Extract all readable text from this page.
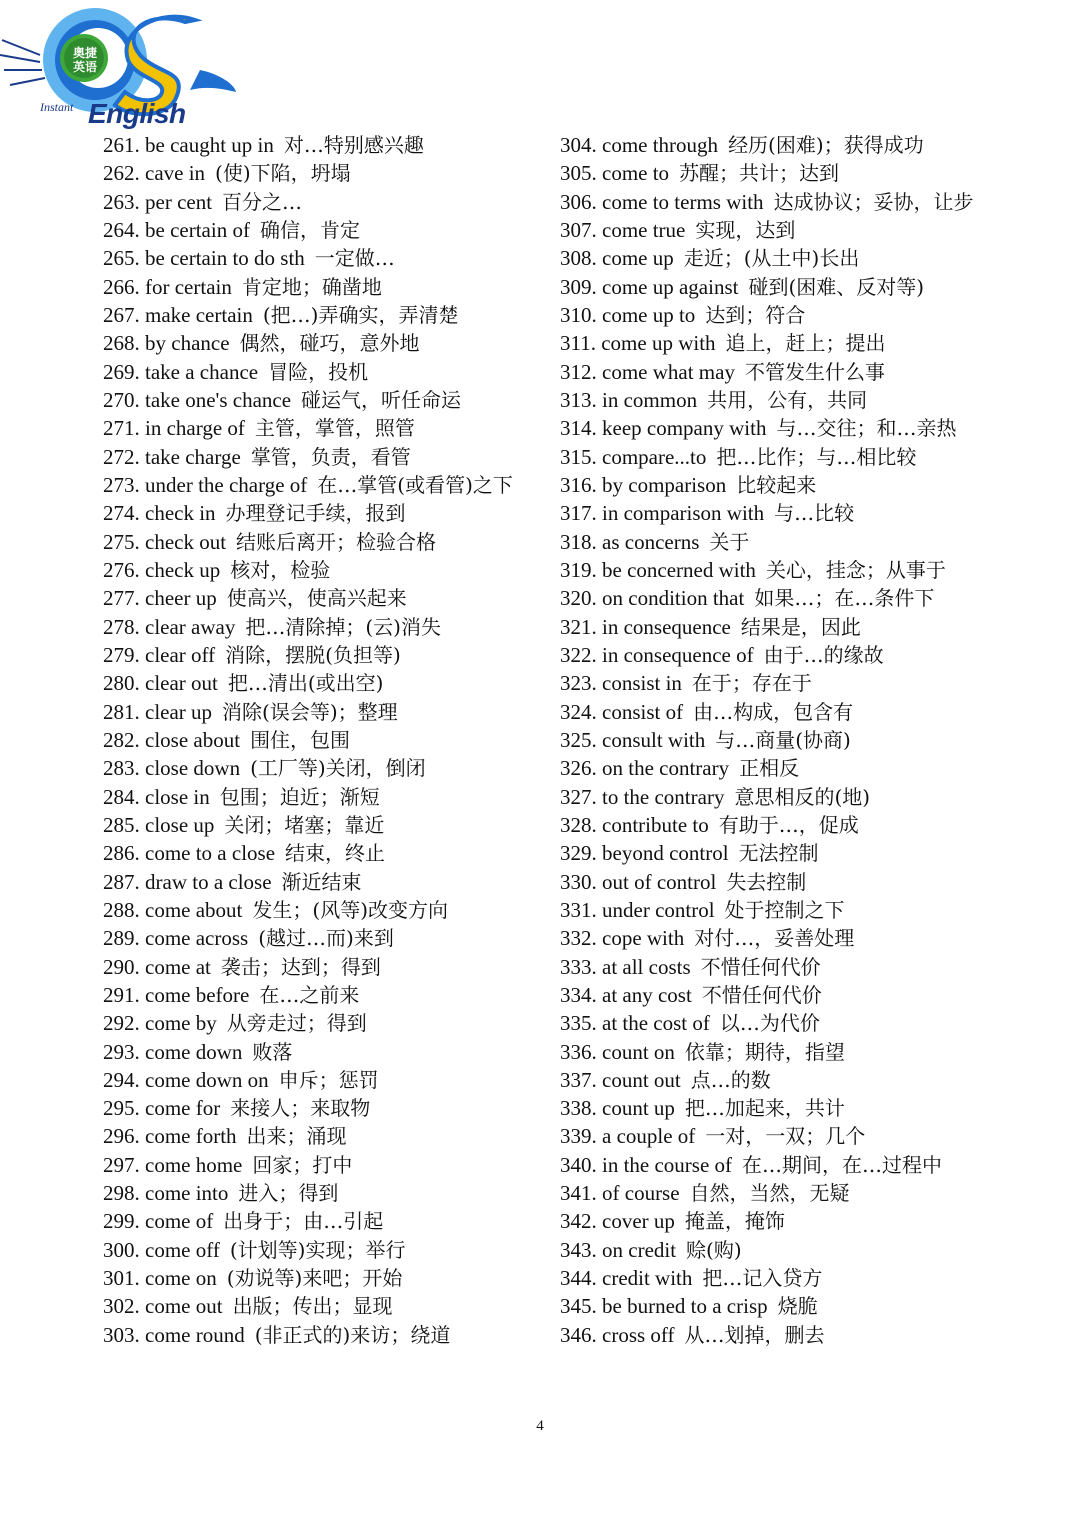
Instant English
奥捷英语
261. be caught up in 对…特别感兴趣
262. cave in (使)下陷，坍塌
263. per cent 百分之…
264. be certain of 确信，肯定
265. be certain to do sth 一定做…
266. for certain 肯定地；确凿地
267. make certain (把…)弄确实，弄清楚
268. by chance 偶然，碰巧，意外地
269. take a chance 冒险，投机
270. take one's chance 碰运气，听任命运
271. in charge of 主管，掌管，照管
272. take charge 掌管，负责，看管
273. under the charge of 在…掌管(或看管)之下
274. check in 办理登记手续，报到
275. check out 结账后离开；检验合格
276. check up 核对，检验
277. cheer up 使高兴，使高兴起来
278. clear away 把…清除掉；(云)消失
279. clear off 消除，摆脱(负担等)
280. clear out 把…清出(或出空)
281. clear up 消除(误会等)；整理
282. close about 围住，包围
283. close down (工厂等)关闭，倒闭
284. close in 包围；迫近；渐短
285. close up 关闭；堵塞；靠近
286. come to a close 结束，终止
287. draw to a close 渐近结束
288. come about 发生；(风等)改变方向
289. come across (越过…而)来到
290. come at 袭击；达到；得到
291. come before 在…之前来
292. come by 从旁走过；得到
293. come down 败落
294. come down on 申斥；惩罚
295. come for 来接人；来取物
296. come forth 出来；涌现
297. come home 回家；打中
298. come into 进入；得到
299. come of 出身于；由…引起
300. come off (计划等)实现；举行
301. come on (劝说等)来吧；开始
302. come out 出版；传出；显现
303. come round (非正式的)来访；绕道
304. come through 经历(困难)；获得成功
305. come to 苏醒；共计；达到
306. come to terms with 达成协议；妥协，让步
307. come true 实现，达到
308. come up 走近；(从土中)长出
309. come up against 碰到(困难、反对等)
310. come up to 达到；符合
311. come up with 追上，赶上；提出
312. come what may 不管发生什么事
313. in common 共用，公有，共同
314. keep company with 与…交往；和…亲热
315. compare...to 把…比作；与…相比较
316. by comparison 比较起来
317. in comparison with 与…比较
318. as concerns 关于
319. be concerned with 关心，挂念；从事于
320. on condition that 如果…；在…条件下
321. in consequence 结果是，因此
322. in consequence of 由于…的缘故
323. consist in 在于；存在于
324. consist of 由…构成，包含有
325. consult with 与…商量(协商)
326. on the contrary 正相反
327. to the contrary 意思相反的(地)
328. contribute to 有助于…，促成
329. beyond control 无法控制
330. out of control 失去控制
331. under control 处于控制之下
332. cope with 对付…，妥善处理
333. at all costs 不惜任何代价
334. at any cost 不惜任何代价
335. at the cost of 以…为代价
336. count on 依靠；期待，指望
337. count out 点…的数
338. count up 把…加起来，共计
339. a couple of 一对，一双；几个
340. in the course of 在…期间，在…过程中
341. of course 自然，当然，无疑
342. cover up 掩盖，掩饰
343. on credit 赊(购)
344. credit with 把…记入贷方
345. be burned to a crisp 烧脆
346. cross off 从…划掉，删去
4
